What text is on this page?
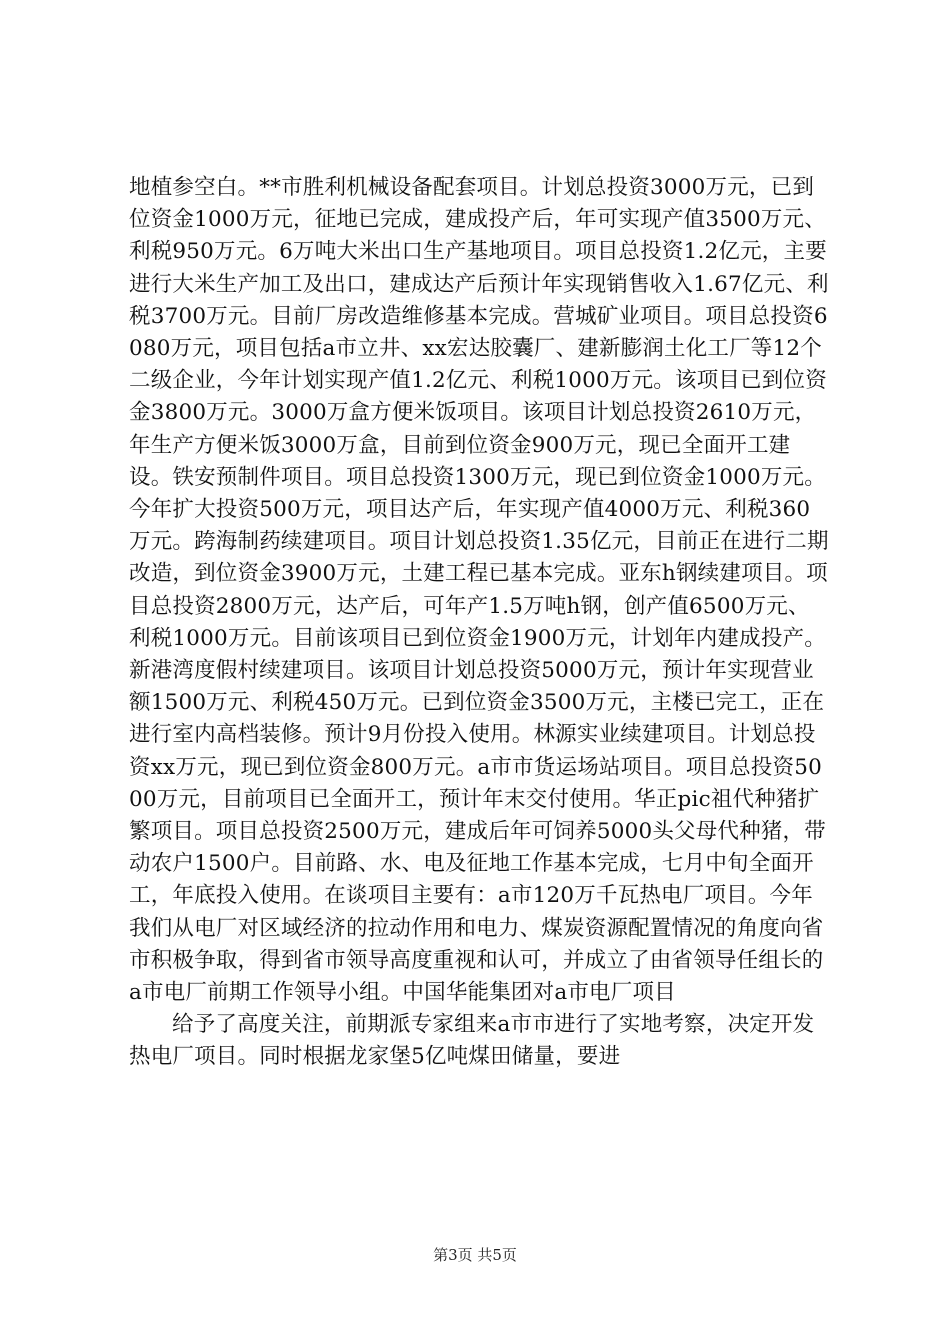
地植参空白。**市胜利机械设备配套项目。计划总投资3000万元，已到位资金1000万元，征地已完成，建成投产后，年可实现产值3500万元、利税950万元。6万吨大米出口生产基地项目。项目总投资1.2亿元，主要进行大米生产加工及出口，建成达产后预计年实现销售收入1.67亿元、利税3700万元。目前厂房改造维修基本完成。营城矿业项目。项目总投资6080万元，项目包括a市立井、xx宏达胶囊厂、建新膨润土化工厂等12个二级企业，今年计划实现产值1.2亿元、利税1000万元。该项目已到位资金3800万元。3000万盒方便米饭项目。该项目计划总投资2610万元，年生产方便米饭3000万盒，目前到位资金900万元，现已全面开工建设。铁安预制件项目。项目总投资1300万元，现已到位资金1000万元。今年扩大投资500万元，项目达产后，年实现产值4000万元、利税360万元。跨海制药续建项目。项目计划总投资1.35亿元，目前正在进行二期改造，到位资金3900万元，土建工程已基本完成。亚东h钢续建项目。项目总投资2800万元，达产后，可年产1.5万吨h钢，创产值6500万元、利税1000万元。目前该项目已到位资金1900万元，计划年内建成投产。新港湾度假村续建项目。该项目计划总投资5000万元，预计年实现营业额1500万元、利税450万元。已到位资金3500万元，主楼已完工，正在进行室内高档装修。预计9月份投入使用。林源实业续建项目。计划总投资xx万元，现已到位资金800万元。a市市货运场站项目。项目总投资5000万元，目前项目已全面开工，预计年末交付使用。华正pic祖代种猪扩繁项目。项目总投资2500万元，建成后年可饲养5000头父母代种猪，带动农户1500户。目前路、水、电及征地工作基本完成，七月中旬全面开工，年底投入使用。在谈项目主要有：a市120万千瓦热电厂项目。今年我们从电厂对区域经济的拉动作用和电力、煤炭资源配置情况的角度向省市积极争取，得到省市领导高度重视和认可，并成立了由省领导任组长的a市电厂前期工作领导小组。中国华能集团对a市电厂项目

给予了高度关注，前期派专家组来a市市进行了实地考察，决定开发热电厂项目。同时根据龙家堡5亿吨煤田储量，要进

第3页 共5页
